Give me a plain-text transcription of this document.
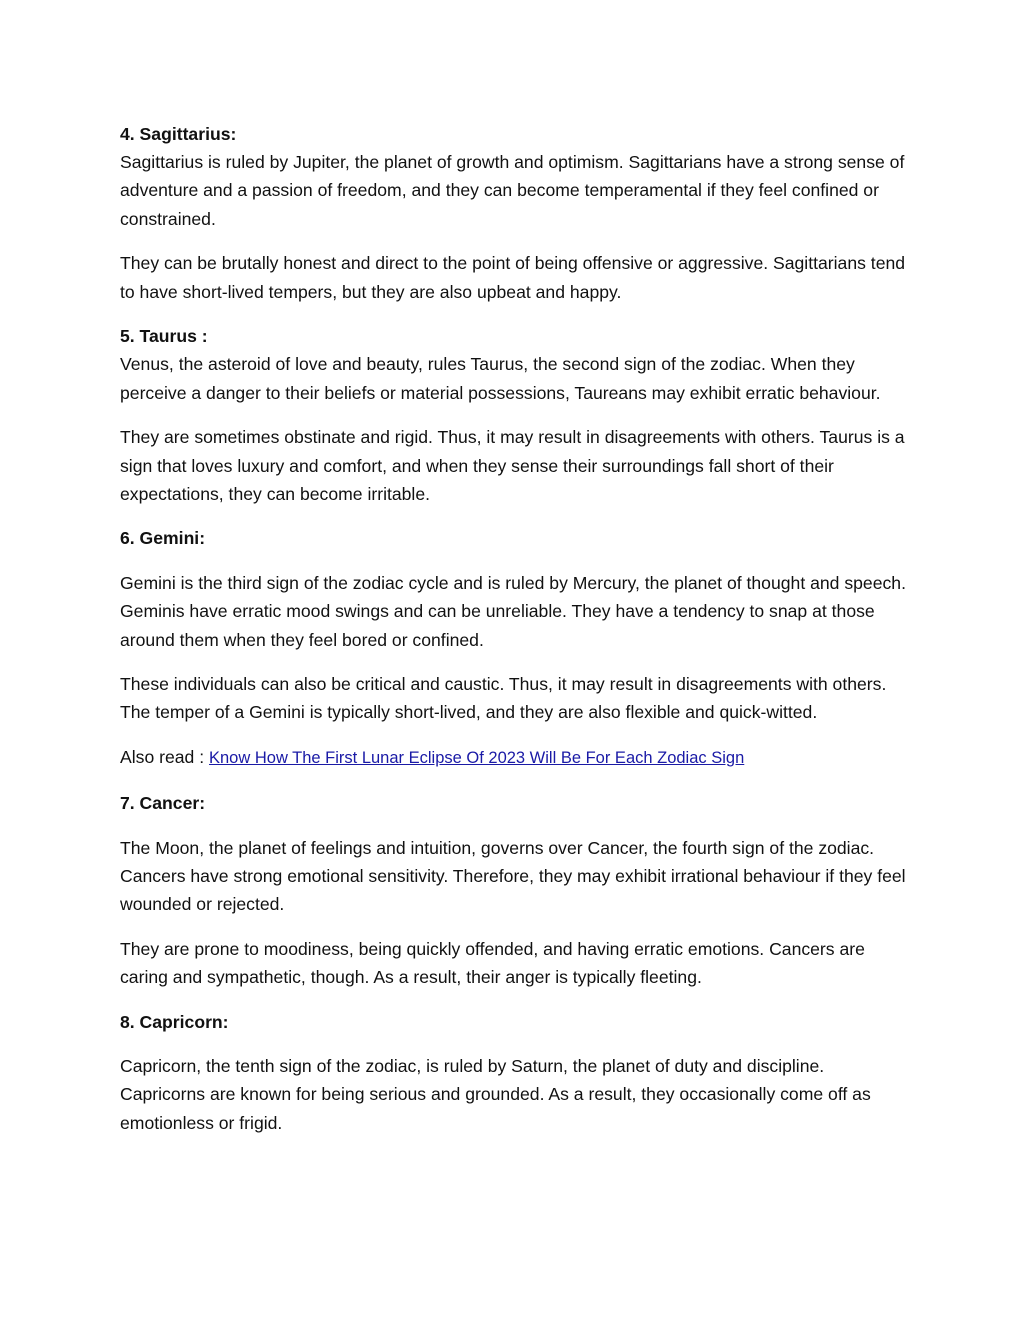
4. Sagittarius:

Sagittarius is ruled by Jupiter, the planet of growth and optimism. Sagittarians have a strong sense of adventure and a passion of freedom, and they can become temperamental if they feel confined or constrained.

They can be brutally honest and direct to the point of being offensive or aggressive. Sagittarians tend to have short-lived tempers, but they are also upbeat and happy.

5. Taurus :

Venus, the asteroid of love and beauty, rules Taurus, the second sign of the zodiac. When they perceive a danger to their beliefs or material possessions, Taureans may exhibit erratic behaviour.

They are sometimes obstinate and rigid. Thus, it may result in disagreements with others. Taurus is a sign that loves luxury and comfort, and when they sense their surroundings fall short of their expectations, they can become irritable.

6. Gemini:

Gemini is the third sign of the zodiac cycle and is ruled by Mercury, the planet of thought and speech. Geminis have erratic mood swings and can be unreliable. They have a tendency to snap at those around them when they feel bored or confined.

These individuals can also be critical and caustic. Thus, it may result in disagreements with others. The temper of a Gemini is typically short-lived, and they are also flexible and quick-witted.

Also read : Know How The First Lunar Eclipse Of 2023 Will Be For Each Zodiac Sign

7. Cancer:

The Moon, the planet of feelings and intuition, governs over Cancer, the fourth sign of the zodiac. Cancers have strong emotional sensitivity. Therefore, they may exhibit irrational behaviour if they feel wounded or rejected.

They are prone to moodiness, being quickly offended, and having erratic emotions. Cancers are caring and sympathetic, though. As a result, their anger is typically fleeting.

8. Capricorn:

Capricorn, the tenth sign of the zodiac, is ruled by Saturn, the planet of duty and discipline. Capricorns are known for being serious and grounded. As a result, they occasionally come off as emotionless or frigid.
